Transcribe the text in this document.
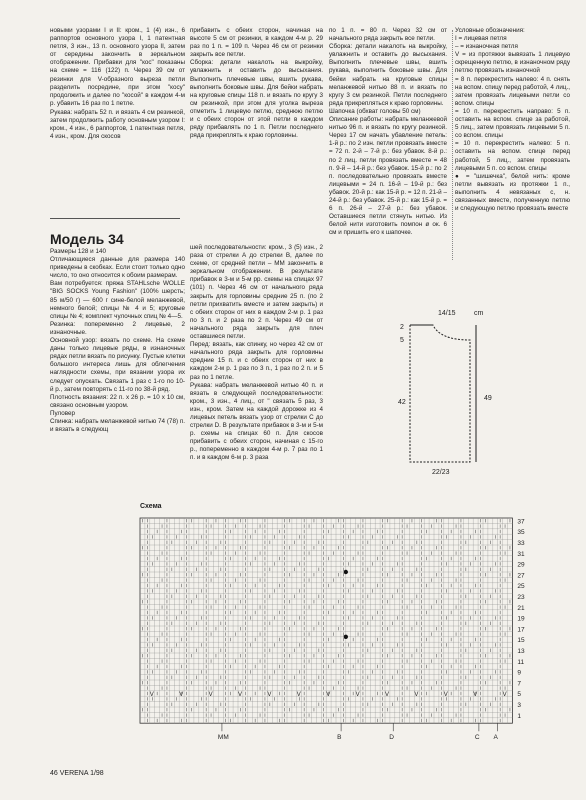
новыми узорами I и II: кром., 1 (4) изн., 6 раппортов основного узора I, 1 патентная петля, 3 изн., 13 п. основного узора II, затем от середины закончить в зеркальном отображении. Прибавки для "кос" показаны на схеме = 116 (122) п. Через 39 см от резинки для V-образного выреза петли разделить посредине, при этом "косу" продолжить и далее по "косой" в каждом 4-м р. убавить 16 раз по 1 петле.

Рукава: набрать 52 п. и вязать 4 см резинкой, затем продолжить работу основным узором I: кром., 4 изн., 6 раппортов, 1 патентная петля, 4 изн., кром. Для скосов

Модель 34
Размеры 128 и 140
Отличающиеся данные для размера 140 приведены в скобках. Если стоит только одно число, то оно относится к обоим размерам.
Вам потребуется: пряжа STAHLsche WOLLE "BIG SOCKS Young Fashion" (100% шерсть; 85 м/50 г) — 600 г сине-белой меланжевой, немного белой; спицы № 4 и 5; круговые спицы № 4; комплект чулочных спиц № 4—5.
Резинка: попеременно 2 лицевые, 2 изнаночные.
Основной узор: вязать по схеме. На схеме даны только лицевые ряды, в изнаночных рядах петли вязать по рисунку. Пустые клетки большого интереса лишь для облегчения наглядности схемы, при вязании узора их следует опускать. Связать 1 раз с 1-го по 10-й р., затем повторять с 11-го по 38-й ряд.
Плотность вязания: 22 п. х 26 р. = 10 х 10 см, связано основным узором.
Пуловер
Спинка: набрать меланжевой нитью 74 (78) п. и вязать в следующ
прибавить с обеих сторон, начиная на высоте 5 см от резинки, в каждом 4-м р. 29 раз по 1 п. = 109 п. Через 46 см от резинки закрыть все петли.
Сборка: детали накалоть на выкройку, увлажнить и оставить до высыхания. Выполнить плечевые швы, вшить рукава, выполнить боковые швы. Для бейки набрать на круговые спицы 118 п. и вязать по кругу 3 см резинкой, при этом для уголка выреза отметить 1 лицевую петлю, среднюю петлю и с обеих сторон от этой петли в каждом ряду прибавлять по 1 п. Петли последнего ряда прикреплять к краю горловины.
шей последовательности: кром., 3 (5) изн., 2 раза от стрелки А до стрелки B, далее по схеме, от средней петли – MM закончить в зеркальном отображении. В результате прибавок в 3-м и 5-м рр. схемы на спицах 97 (101) п. Через 46 см от начального ряда закрыть для горловины средние 25 п. (по 2 петли прихватить вместе и затем закрыть) и с обеих сторон от них в каждом 2-м р. 1 раз по 3 п. и 2 раза по 2 п. Через 49 см от начального ряда закрыть для плеч оставшиеся петли.
Перед: вязать, как спинку, но через 42 см от начального ряда закрыть для горловины средние 15 п. и с обеих сторон от них в каждом 2-м р. 1 раз по 3 п., 1 раз по 2 п. и 5 раз по 1 петле.
Рукава: набрать меланжевой нитью 40 п. и вязать в следующей последовательности: кром., 3 изн., 4 лиц., от " связать 5 раз, 3 изн., кром. Затем на каждой дорожке из 4 лицевых петель вязать узор от стрелки С до стрелки D. В результате прибавок в 3-м и 5-м р. схемы на спицах 60 п. Для скосов прибавить с обеих сторон, начиная с 15-го р., попеременно в каждом 4-м р. 7 раз по 1 п. и в каждом 6-м р. 3 раза
по 1 п. = 80 п. Через 32 см от начального ряда закрыть все петли.
Сборка: детали накалоть на выкройку, увлажнить и оставить до высыхания. Выполнить плечевые швы, вшить рукава, выполнить боковые швы. Для бейки набрать на круговые спицы меланжевой нитью 88 п. и вязать по кругу 3 см резинкой. Петли последнего ряда прикрепляться к краю горловины.
Шапочка (обхват головы 50 см)
Описание работы: набрать меланжевой нитью 96 п. и вязать по кругу резинкой. Через 17 см начать убавление петель: 1-й р.: по 2 изн. петли провязать вместе = 72 п. 2-й – 7-й р.: без убавок. 8-й р.: по 2 лиц. петли провязать вместе = 48 п. 9-й – 14-й р.: без убавок. 15-й р.: по 2 п. последовательно провязать вместе лицевыми = 24 п. 16-й – 19-й р.: без убавок. 20-й р.: как 15-й р. = 12 п. 21-й – 24-й р.: без убавок. 25-й р.: как 15-й р. = 6 п. 26-й – 27-й р.: без убавок. Оставшиеся петли стянуть нитью. Из белой нити изготовить помпон ø ок. 6 см и пришить его к шапочке.
Условные обозначения:
I = лицевая петля
– = изнаночная петля
V = из протяжки вывязать 1 лицевую скрещенную петлю, в изнаночном ряду петлю провязать изнаночной
= 8 п. перекрестить налево: 4 п. снять на вспом. спицу перед работой, 4 лиц., затем провязать лицевыми петли со вспом. спицы
= 10 п. перекрестить направо: 5 п. оставить на вспом. спице за работой, 5 лиц., затем провязать лицевыми 5 п. со вспом. спицы
= 10 п. перекрестить налево: 5 п. оставить на вспом. спице перед работой, 5 лиц., затем провязать лицевыми 5 п. со вспом. спицы
● = "шишечка", белой нить: кроме петли вывязать из протяжки 1 п., выполнить 4 невязаных с, н. связанных вместе, полученную петлю и следующую петлю провязать вместе
14/15	cm
2
5
42
49
22/23
V	V	V	V	V	V	V	V	V	V	V	V	V
37
35
33
31
29
27
25
23
21
19
17
15
13
11
9
7
5
3
1
MM	B	D	C A
Схема
46 VERENA 1/98
